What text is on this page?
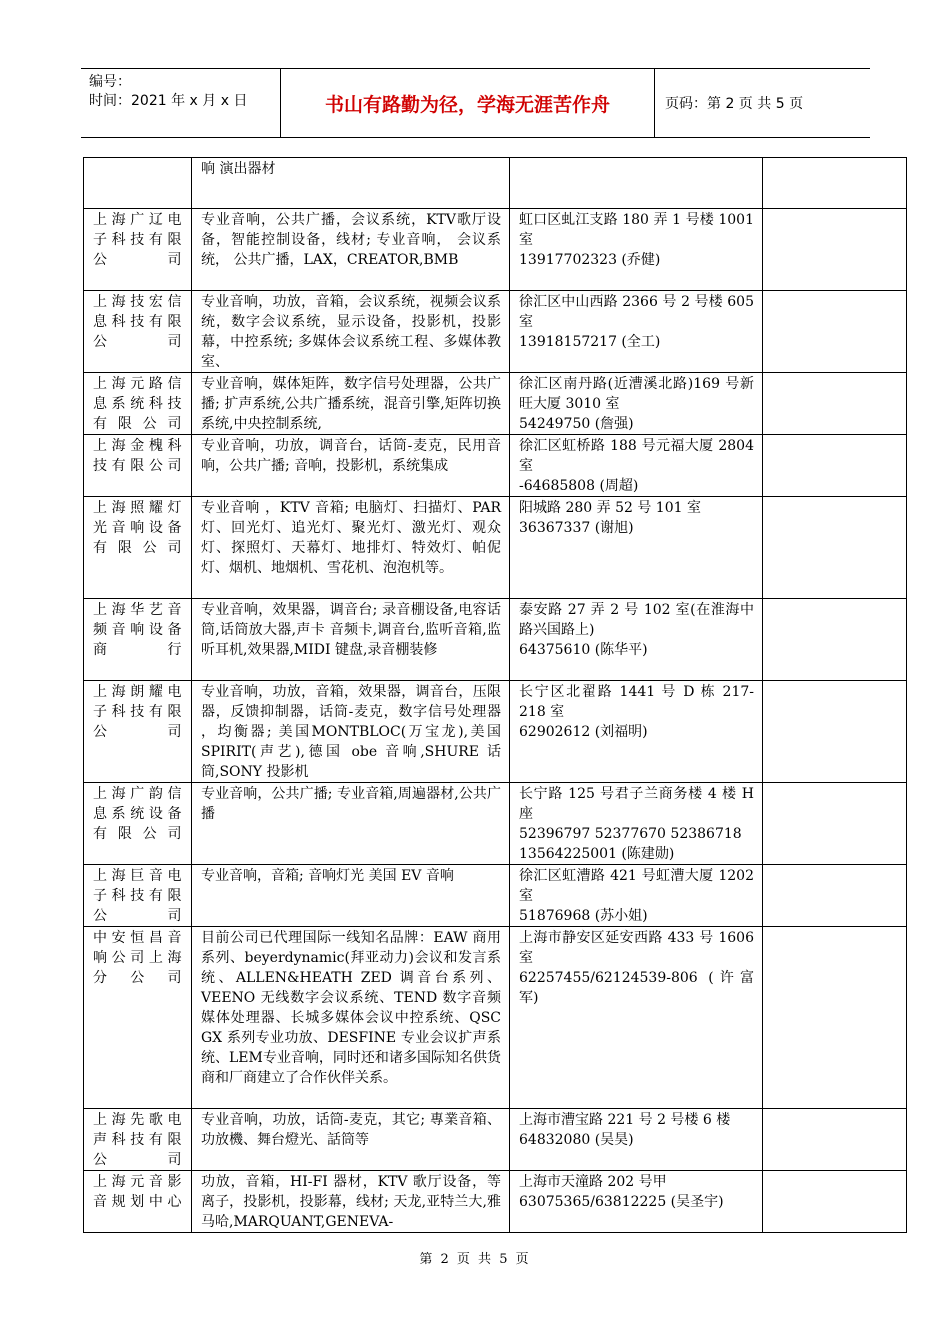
编号：
时间：2021 年 x 月 x 日	书山有路勤为径，学海无涯苦作舟	页码：第 2 页 共 5 页
	响 演出器材		
上海广辽电子科技有限公司	专业音响，公共广播，会议系统，KTV歌厅设备，智能控制设备，线材; 专业音响， 会议系统， 公共广播，LAX，CREATOR,BMB	虹口区虬江支路 180 弄 1 号楼 1001 室
13917702323 (乔健)	
上海技宏信息科技有限公司	专业音响，功放，音箱，会议系统，视频会议系统，数字会议系统，显示设备，投影机，投影幕，中控系统; 多媒体会议系统工程、多媒体教室、	徐汇区中山西路 2366 号 2 号楼 605 室
13918157217 (全工)	
上海元路信息系统科技有限公司	专业音响，媒体矩阵，数字信号处理器，公共广播; 扩声系统,公共广播系统，混音引擎,矩阵切换系统,中央控制系统,	徐汇区南丹路(近漕溪北路)169 号新旺大厦 3010 室
54249750 (詹强)	
上海金槐科技有限公司	专业音响，功放，调音台，话筒-麦克，民用音响，公共广播; 音响，投影机，系统集成	徐汇区虹桥路 188 号元福大厦 2804 室
-64685808 (周超)	
上海照耀灯光音响设备有限公司	专业音响 ，KTV 音箱; 电脑灯、扫描灯、PAR 灯、回光灯、追光灯、聚光灯、激光灯、观众灯、探照灯、天幕灯、地排灯、特效灯、帕伲灯、烟机、地烟机、雪花机、泡泡机等。	阳城路 280 弄 52 号 101 室
36367337 (谢旭)	
上海华艺音频音响设备商行	专业音响，效果器，调音台; 录音棚设备,电容话筒,话筒放大器,声卡 音频卡,调音台,监听音箱,监听耳机,效果器,MIDI 键盘,录音棚装修	泰安路 27 弄 2 号 102 室(在淮海中路兴国路上)
64375610 (陈华平)	
上海朗耀电子科技有限公司	专业音响，功放，音箱，效果器，调音台，压限器，反馈抑制器，话筒-麦克，数字信号处理器 ，均衡器; 美国MONTBLOC(万宝龙),美国 SPIRIT(声艺),德国 obe 音响,SHURE 话筒,SONY 投影机	长宁区北翟路 1441 号 D 栋 217-218 室
62902612 (刘福明)	
上海广韵信息系统设备有限公司	专业音响，公共广播; 专业音箱,周遍器材,公共广播	长宁路 125 号君子兰商务楼 4 楼 H 座
52396797 52377670 52386718
13564225001 (陈建勋)	
上海巨音电子科技有限公司	专业音响，音箱; 音响灯光 美国 EV 音响	徐汇区虹漕路 421 号虹漕大厦 1202 室
51876968 (苏小姐)	
中安恒昌音响公司上海分公司	目前公司已代理国际一线知名品牌：EAW 商用系列、beyerdynamic(拜亚动力)会议和发言系统、ALLEN&HEATH ZED 调音台系列、VEENO 无线数字会议系统、TEND 数字音频媒体处理器、长城多媒体会议中控系统、QSC GX 系列专业功放、DESFINE 专业会议扩声系统、LEM专业音响，同时还和诸多国际知名供货商和厂商建立了合作伙伴关系。	上海市静安区延安西路 433 号 1606 室
62257455/62124539-806 (许富军)	
上海先歌电声科技有限公司	专业音响，功放，话筒-麦克，其它; 專業音箱、功放機、舞台燈光、話筒等	上海市漕宝路 221 号 2 号楼 6 楼
64832080 (吴昊)	
上海元音影音规划中心	功放，音箱，HI-FI 器材，KTV 歌厅设备，等离子，投影机，投影幕，线材; 天龙,亚特兰大,雅马哈,MARQUANT,GENEVA-	上海市天潼路 202 号甲
63075365/63812225 (吴圣宇)	
第 2 页 共 5 页
